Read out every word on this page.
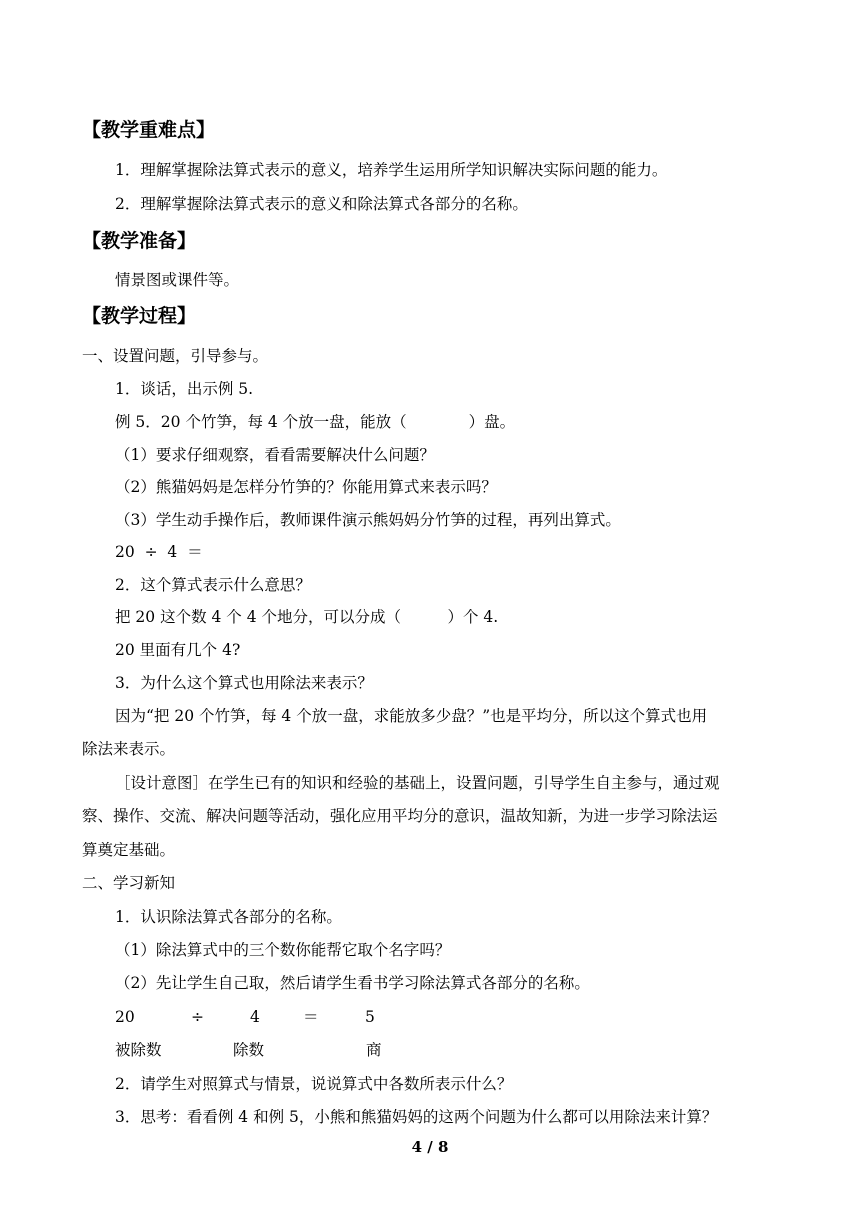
【教学重难点】
1．理解掌握除法算式表示的意义，培养学生运用所学知识解决实际问题的能力。
2．理解掌握除法算式表示的意义和除法算式各部分的名称。
【教学准备】
情景图或课件等。
【教学过程】
一、设置问题，引导参与。
1．谈话，出示例 5.
例 5．20 个竹笋，每 4 个放一盘，能放（　　　　）盘。
（1）要求仔细观察，看看需要解决什么问题？
（2）熊猫妈妈是怎样分竹笋的？你能用算式来表示吗？
（3）学生动手操作后，教师课件演示熊妈妈分竹笋的过程，再列出算式。
20  ÷  4  ＝
2．这个算式表示什么意思？
把 20 这个数 4 个 4 个地分，可以分成（　　　）个 4.
20 里面有几个 4?
3．为什么这个算式也用除法来表示？
因为“把 20 个竹笋，每 4 个放一盘，求能放多少盘？”也是平均分，所以这个算式也用
除法来表示。
［设计意图］在学生已有的知识和经验的基础上，设置问题，引导学生自主参与，通过观
察、操作、交流、解决问题等活动，强化应用平均分的意识，温故知新，为进一步学习除法运
算奠定基础。
二、学习新知
1．认识除法算式各部分的名称。
（1）除法算式中的三个数你能帮它取个名字吗？
（2）先让学生自己取，然后请学生看书学习除法算式各部分的名称。
20	÷	4	＝	5
被除数	除数	商
2．请学生对照算式与情景，说说算式中各数所表示什么？
3．思考：看看例 4 和例 5，小熊和熊猫妈妈的这两个问题为什么都可以用除法来计算？
4 / 8
